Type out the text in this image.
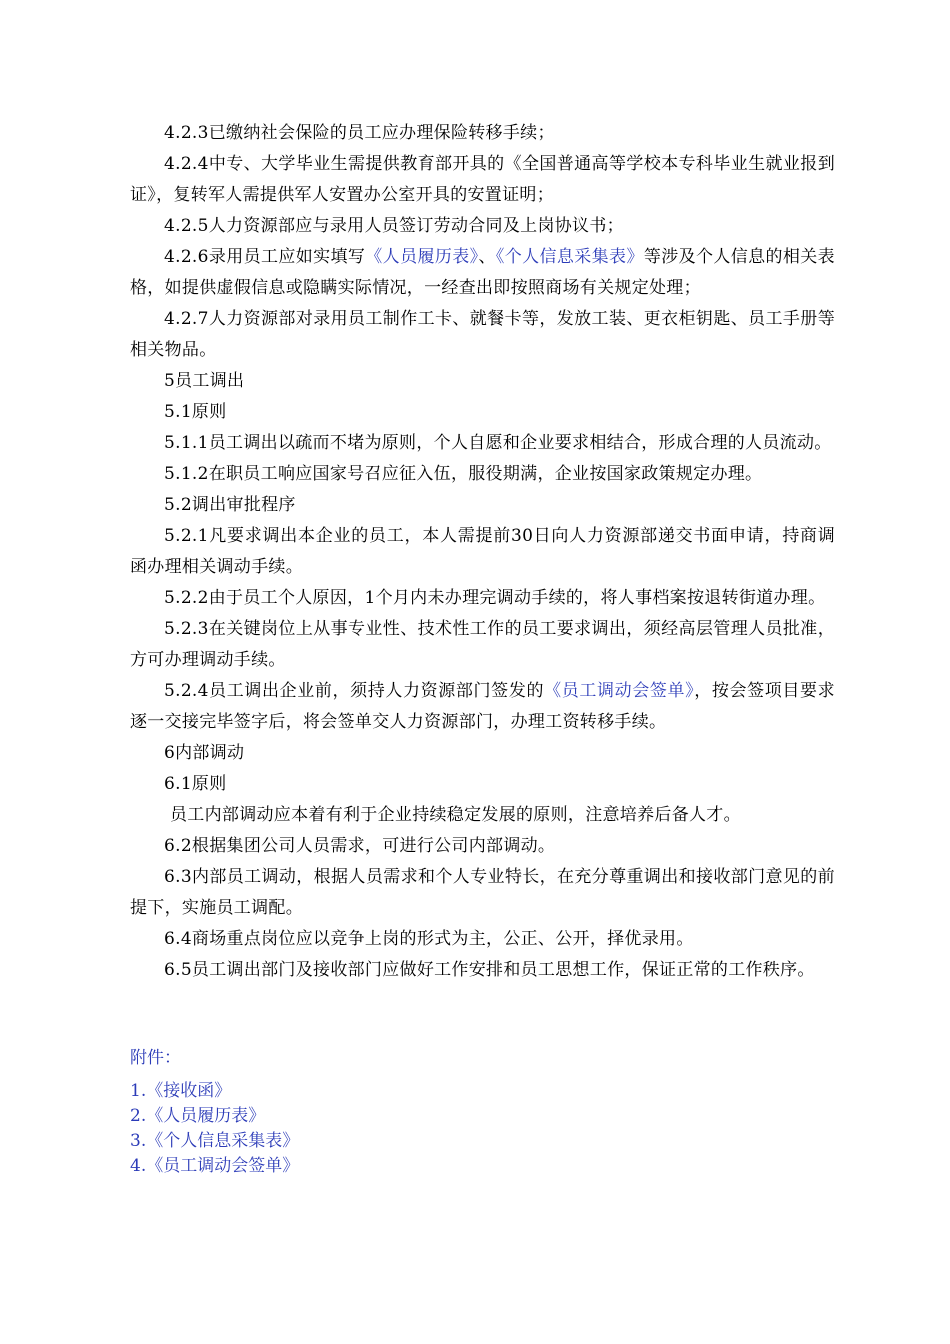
4.2.3已缴纳社会保险的员工应办理保险转移手续；

4.2.4中专、大学毕业生需提供教育部开具的《全国普通高等学校本专科毕业生就业报到证》，复转军人需提供军人安置办公室开具的安置证明；

4.2.5人力资源部应与录用人员签订劳动合同及上岗协议书；

4.2.6录用员工应如实填写《人员履历表》、《个人信息采集表》等涉及个人信息的相关表格，如提供虚假信息或隐瞒实际情况，一经查出即按照商场有关规定处理；

4.2.7人力资源部对录用员工制作工卡、就餐卡等，发放工装、更衣柜钥匙、员工手册等相关物品。

5员工调出

5.1原则

5.1.1员工调出以疏而不堵为原则，个人自愿和企业要求相结合，形成合理的人员流动。

5.1.2在职员工响应国家号召应征入伍，服役期满，企业按国家政策规定办理。

5.2调出审批程序

5.2.1凡要求调出本企业的员工，本人需提前30日向人力资源部递交书面申请，持商调函办理相关调动手续。

5.2.2由于员工个人原因，1个月内未办理完调动手续的，将人事档案按退转街道办理。

5.2.3在关键岗位上从事专业性、技术性工作的员工要求调出，须经高层管理人员批准，方可办理调动手续。

5.2.4员工调出企业前，须持人力资源部门签发的《员工调动会签单》，按会签项目要求逐一交接完毕签字后，将会签单交人力资源部门，办理工资转移手续。

6内部调动

6.1原则

员工内部调动应本着有利于企业持续稳定发展的原则，注意培养后备人才。

6.2根据集团公司人员需求，可进行公司内部调动。

6.3内部员工调动，根据人员需求和个人专业特长，在充分尊重调出和接收部门意见的前提下，实施员工调配。

6.4商场重点岗位应以竞争上岗的形式为主，公正、公开，择优录用。

6.5员工调出部门及接收部门应做好工作安排和员工思想工作，保证正常的工作秩序。

附件：

1.《接收函》

2.《人员履历表》

3.《个人信息采集表》

4.《员工调动会签单》
